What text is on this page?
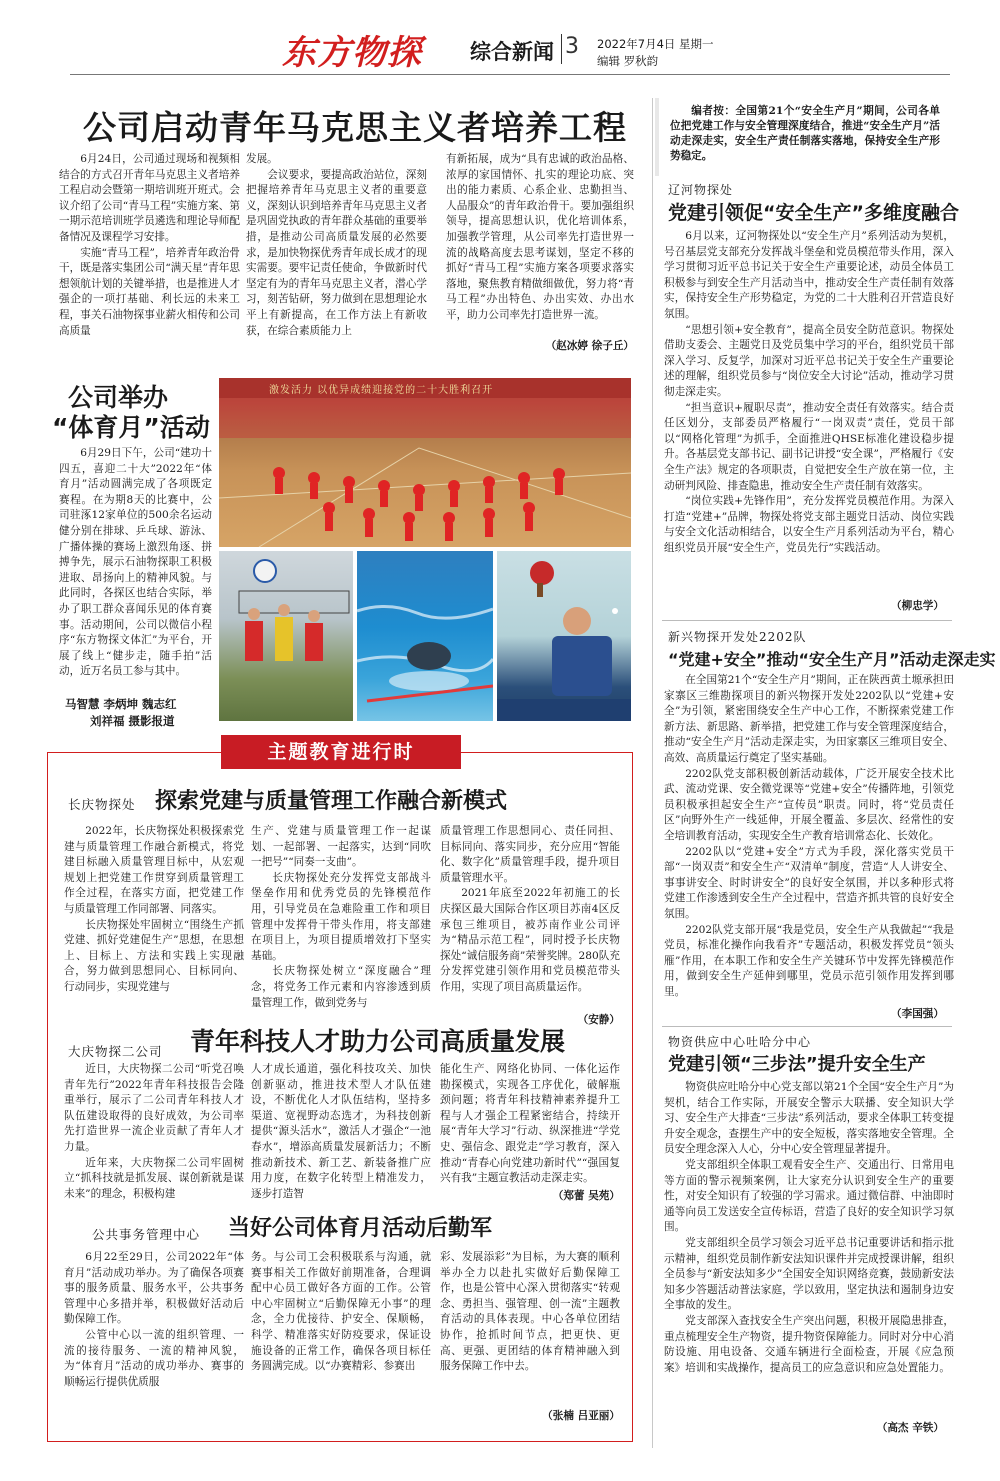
东方物探 综合新闻 3 2022年7月4日 星期一
编辑 罗秋韵
公司启动青年马克思主义者培养工程

6月24日，公司通过现场和视频相结合的方式召开青年马克思主义者培养工程启动会暨第一期培训班开班式。会议介绍了公司“青马工程”实施方案、第一期示范培训班学员遴选和理论导师配备情况及课程学习安排。

实施“青马工程”，培养青年政治骨干，既是落实集团公司“满天星”青年思想领航计划的关键举措，也是推进人才强企的一项打基础、利长远的未来工程，事关石油物探事业薪火相传和公司高质量

发展。

会议要求，要提高政治站位，深刻把握培养青年马克思主义者的重要意义，深刻认识到培养青年马克思主义者是巩固党执政的青年群众基础的重要举措，是推动公司高质量发展的必然要求，是加快物探优秀青年成长成才的现实需要。要牢记责任使命，争做新时代坚定有为的青年马克思主义者，潜心学习，刻苦钻研，努力做到在思想理论水平上有新提高，在工作方法上有新收获，在综合素质能力上

有新拓展，成为“具有忠诚的政治品格、浓厚的家国情怀、扎实的理论功底、突出的能力素质、心系企业、忠勤担当、人品服众”的青年政治骨干。要加强组织领导，提高思想认识，优化培训体系，加强教学管理，从公司率先打造世界一流的战略高度去思考谋划，坚定不移的抓好“青马工程”实施方案各项要求落实落地，聚焦教育精做细做优，努力将“青马工程”办出特色、办出实效、办出水平，助力公司率先打造世界一流。

（赵冰婷 徐子丘）
公司举办
“体育月”活动

6月29日下午，公司“建功十四五，喜迎二十大”2022年“体育月”活动圆满完成了各项既定赛程。在为期8天的比赛中，公司驻涿12家单位的500余名运动健分别在排球、乒乓球、游泳、广播体操的赛场上激烈角逐、拼搏争先，展示石油物探职工积极进取、昂扬向上的精神风貌。与此同时，各探区也结合实际，举办了职工群众喜闻乐见的体育赛事。活动期间，公司以微信小程序“东方物探文体汇”为平台，开展了线上“健步走，随手拍”活动，近万名员工参与其中。

马智慧 李炳坤 魏志红
刘祥福 摄影报道
激发活力 以优异成绩迎接党的二十大胜利召开
主题教育进行时
长庆物探处 探索党建与质量管理工作融合新模式

2022年，长庆物探处积极探索党建与质量管理工作融合新模式，将党建目标融入质量管理目标中，从宏观规划上把党建工作贯穿到质量管理工作全过程，在落实方面，把党建工作与质量管理工作同部署、同落实。

长庆物探处牢固树立“围绕生产抓党建、抓好党建促生产”思想，在思想上、目标上、方法和实践上实现融合，努力做到思想同心、目标同向、行动同步，实现党建与

生产、党建与质量管理工作一起谋划、一起部署、一起落实，达到“同吹一把号”“同奏一支曲”。

长庆物探处充分发挥党支部战斗堡垒作用和优秀党员的先锋模范作用，引导党员在急难险重工作和项目管理中发挥骨干带头作用，将支部建在项目上，为项目提质增效打下坚实基础。

长庆物探处树立“深度融合”理念，将党务工作元素和内容渗透到质量管理工作，做到党务与

质量管理工作思想同心、责任同担、目标同向、落实同步，充分应用“智能化、数字化”质量管理手段，提升项目质量管理水平。

2021年底至2022年初施工的长庆探区最大国际合作区项目苏南4区反承包三维项目，被苏南作业公司评为“精品示范工程”，同时授予长庆物探处“诚信服务商”荣誉奖牌。280队充分发挥党建引领作用和党员模范带头作用，实现了项目高质量运作。

（安静）
大庆物探二公司 青年科技人才助力公司高质量发展

近日，大庆物探二公司“听党召唤青年先行”2022年青年科技报告会隆重举行，展示了二公司青年科技人才队伍建设取得的良好成效，为公司率先打造世界一流企业贡献了青年人才力量。

近年来，大庆物探二公司牢固树立“抓科技就是抓发展、谋创新就是谋未来”的理念，积极构建

人才成长通道，强化科技攻关、加快创新驱动，推进技术型人才队伍建设，不断优化人才队伍结构，坚持多渠道、宽视野动态选才，为科技创新提供“源头活水”，激活人才强企“一池春水”，增添高质量发展新活力；不断推动新技术、新工艺、新装备推广应用力度，在数字化转型上精准发力，逐步打造智

能化生产、网络化协同、一体化运作勘探模式，实现各工序优化，破解瓶颈问题；将青年科技精神素养提升工程与人才强企工程紧密结合，持续开展“青年大学习”行动、纵深推进“学党史、强信念、跟党走”学习教育，深入推动“青春心向党建功新时代”“强国复兴有我”主题宣教活动走深走实。

（郑蕾 吴苑）
公共事务管理中心 当好公司体育月活动后勤军

6月22至29日，公司2022年“体育月”活动成功举办。为了确保各项赛事的服务质量、服务水平，公共事务管理中心多措并举，积极做好活动后勤保障工作。

公管中心以一流的组织管理、一流的接待服务、一流的精神风貌，为“体育月”活动的成功举办、赛事的顺畅运行提供优质服

务。与公司工会积极联系与沟通，就赛事相关工作做好前期准备，合理调配中心员工做好各方面的工作。公管中心牢固树立“后勤保障无小事”的理念，全力优接待、护安全、保顺畅，科学、精准落实好防疫要求，保证设施设备的正常工作，确保各项目标任务圆满完成。以“办赛精彩、参赛出

彩、发展添彩”为目标，为大赛的顺利举办全力以赴扎实做好后勤保障工作，也是公管中心深入贯彻落实“转观念、勇担当、强管理、创一流”主题教育活动的具体表现。中心各单位团结协作，抢抓时间节点，把更快、更高、更强、更团结的体育精神融入到服务保障工作中去。

（张楠 吕亚丽）
编者按：全国第21个“安全生产月”期间，公司各单位把党建工作与安全管理深度结合，推进“安全生产月”活动走深走实，安全生产责任制落实落地，保持安全生产形势稳定。
辽河物探处
党建引领促“安全生产”多维度融合

6月以来，辽河物探处以“安全生产月”系列活动为契机，号召基层党支部充分发挥战斗堡垒和党员模范带头作用，深入学习贯彻习近平总书记关于安全生产重要论述，动员全体员工积极参与到安全生产月活动当中，推动安全生产责任制有效落实，保持安全生产形势稳定，为党的二十大胜利召开营造良好氛围。

“思想引领+安全教育”，提高全员安全防范意识。物探处借助支委会、主题党日及党员集中学习的平台，组织党员干部深入学习、反复学，加深对习近平总书记关于安全生产重要论述的理解，组织党员参与“岗位安全大讨论”活动，推动学习贯彻走深走实。

“担当意识+履职尽责”，推动安全责任有效落实。结合责任区划分，支部委员严格履行“一岗双责”责任，党员干部以“网格化管理”为抓手，全面推进QHSE标准化建设稳步提升。各基层党支部书记、副书记讲授“安全课”，严格履行《安全生产法》规定的各项职责，自觉把安全生产放在第一位，主动研判风险、排查隐患，推动安全生产责任制有效落实。

“岗位实践+先锋作用”，充分发挥党员模范作用。为深入打造“党建+”品牌，物探处将党支部主题党日活动、岗位实践与安全文化活动相结合，以安全生产月系列活动为平台，精心组织党员开展“安全生产，党员先行”实践活动。

（柳忠学）
新兴物探开发处2202队
“党建+安全”推动“安全生产月”活动走深走实

在全国第21个“安全生产月”期间，正在陕西黄土塬承担田家寨区三维勘探项目的新兴物探开发处2202队以“党建+安全”为引领，紧密围绕安全生产中心工作，不断探索党建工作新方法、新思路、新举措，把党建工作与安全管理深度结合，推动“安全生产月”活动走深走实，为田家寨区三维项目安全、高效、高质量运行奠定了坚实基础。

2202队党支部积极创新活动载体，广泛开展安全技术比武、流动党课、安全微党课等“党建+安全”传播阵地，引领党员积极承担起安全生产“宣传员”职责。同时，将“党员责任区”向野外生产一线延伸，开展全覆盖、多层次、经常性的安全培训教育活动，实现安全生产教育培训常态化、长效化。

2202队以“党建+安全”方式为手段，深化落实党员干部“一岗双责”和安全生产“双清单”制度，营造“人人讲安全、事事讲安全、时时讲安全”的良好安全氛围，并以多种形式将党建工作渗透到安全生产全过程中，营造齐抓共管的良好安全氛围。

2202队党支部开展“我是党员，安全生产从我做起”“我是党员，标准化操作向我看齐”专题活动，积极发挥党员“领头雁”作用，在本职工作和安全生产关键环节中发挥先锋模范作用，做到安全生产延伸到哪里，党员示范引领作用发挥到哪里。

（李国强）
物资供应中心吐哈分中心
党建引领“三步法”提升安全生产

物资供应吐哈分中心党支部以第21个全国“安全生产月”为契机，结合工作实际，开展安全警示大联播、安全知识大学习、安全生产大排查“三步法”系列活动，要求全体职工转变提升安全观念，查摆生产中的安全短板，落实落地安全管理。全员安全理念深入人心，分中心安全管理显著提升。

党支部组织全体职工观看安全生产、交通出行、日常用电等方面的警示视频案例，让大家充分认识到安全生产的重要性，对安全知识有了较强的学习需求。通过微信群、中油即时通等向员工发送安全宣传标语，营造了良好的安全知识学习氛围。

党支部组织全员学习领会习近平总书记重要讲话和指示批示精神，组织党员制作新安法知识课件并完成授课讲解，组织全员参与“新安法知多少”全国安全知识网络竞赛，鼓励新安法知多少答题活动普法家庭，学以致用，坚定执法和遏制身边安全事故的发生。

党支部深入查找安全生产突出问题，积极开展隐患排查，重点梳理安全生产物资，提升物资保障能力。同时对分中心消防设施、用电设备、交通车辆进行全面检查，开展《应急预案》培训和实战操作，提高员工的应急意识和应急处置能力。

（高杰 辛铁）
